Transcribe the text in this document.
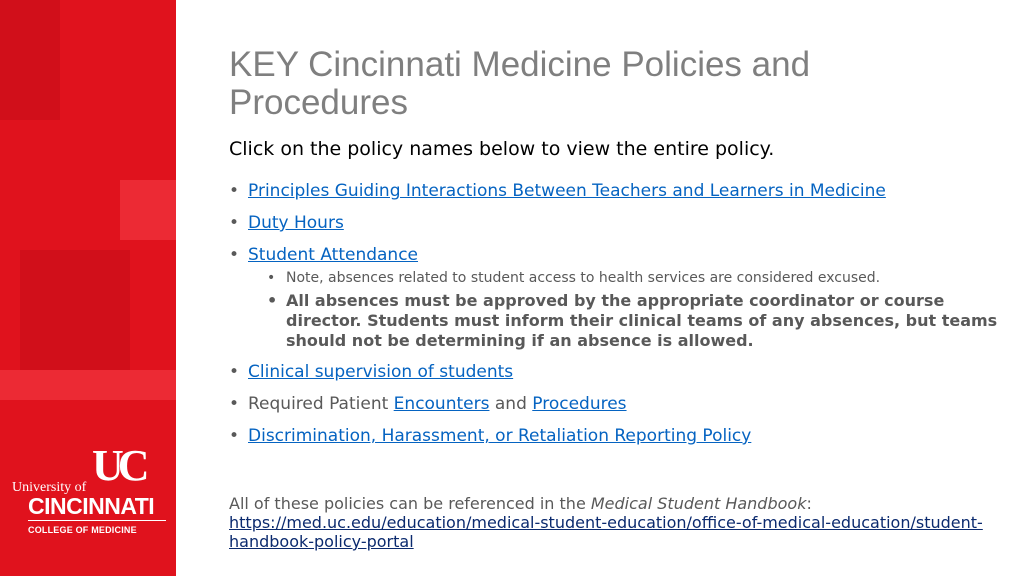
UC
University of
CINCINNATI
COLLEGE OF MEDICINE
KEY Cincinnati Medicine Policies and Procedures
Click on the policy names below to view the entire policy.
• Principles Guiding Interactions Between Teachers and Learners in Medicine
• Duty Hours
• Student Attendance
• Note, absences related to student access to health services are considered excused.
• All absences must be approved by the appropriate coordinator or course director. Students must inform their clinical teams of any absences, but teams should not be determining if an absence is allowed.
• Clinical supervision of students
• Required Patient Encounters and Procedures
• Discrimination, Harassment, or Retaliation Reporting Policy
All of these policies can be referenced in the Medical Student Handbook:
https://med.uc.edu/education/medical-student-education/office-of-medical-education/student-handbook-policy-portal
